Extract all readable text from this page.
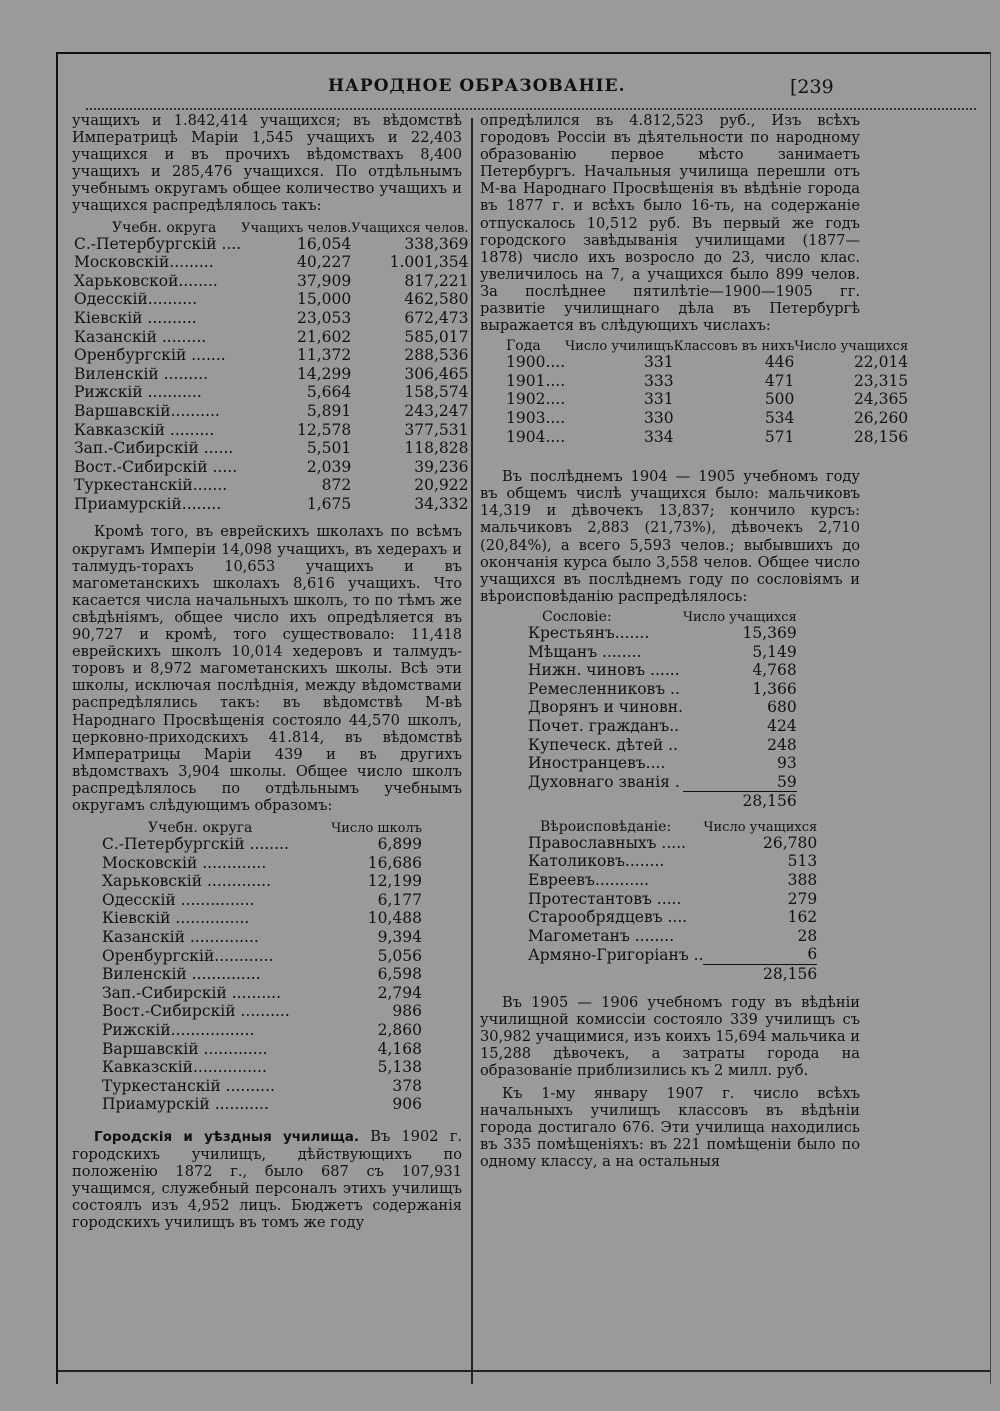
НАРОДНОЕ ОБРАЗОВАНІЕ.	[239

учащихъ и 1.842,414 учащихся; въ вѣдомствѣ Императрицѣ Маріи 1,545 учащихъ и 22,403 учащихся и въ прочихъ вѣдомствахъ 8,400 учащихъ и 285,476 учащихся. По отдѣльнымъ учебнымъ округамъ общее количество учащихъ и учащихся распредѣлялось такъ:

Учебн. округа	Учащихъ челов.	Учащихся челов.
С.-Петербургскій ....	16,054	338,369
Московскій.........	40,227	1.001,354
Харьковской........	37,909	817,221
Одесскій..........	15,000	462,580
Кіевскій ..........	23,053	672,473
Казанскій .........	21,602	585,017
Оренбургскій .......	11,372	288,536
Виленскій .........	14,299	306,465
Рижскій ...........	5,664	158,574
Варшавскій..........	5,891	243,247
Кавказскій .........	12,578	377,531
Зап.-Сибирскій ......	5,501	118,828
Вост.-Сибирскій .....	2,039	39,236
Туркестанскій.......	872	20,922
Приамурскій........	1,675	34,332

Кромѣ того, въ еврейскихъ школахъ по всѣмъ округамъ Имперіи 14,098 учащихъ, въ хедерахъ и талмудъ-торахъ 10,653 учащихъ и въ магометанскихъ школахъ 8,616 учащихъ. Что касается числа начальныхъ школъ, то по тѣмъ же свѣдѣніямъ, общее число ихъ опредѣляется въ 90,727 и кромѣ, того существовало: 11,418 еврейскихъ школъ 10,014 хедеровъ и талмудъ-торовъ и 8,972 магометанскихъ школы. Всѣ эти школы, исключая послѣднія, между вѣдомствами распредѣлялись такъ: въ вѣдомствѣ М-вѣ Народнаго Просвѣщенія состояло 44,570 школъ, церковно-приходскихъ 41.814, въ вѣдомствѣ Императрицы Маріи 439 и въ другихъ вѣдомствахъ 3,904 школы. Общее число школъ распредѣлялось по отдѣльнымъ учебнымъ округамъ слѣдующимъ образомъ:

Учебн. округа	Число школъ
С.-Петербургскій ........	6,899
Московскій .............	16,686
Харьковскій .............	12,199
Одесскій ...............	6,177
Кіевскій ...............	10,488
Казанскій ..............	9,394
Оренбургскій............	5,056
Виленскій ..............	6,598
Зап.-Сибирскій ..........	2,794
Вост.-Сибирскій ..........	986
Рижскій.................	2,860
Варшавскій .............	4,168
Кавказскій...............	5,138
Туркестанскій ..........	378
Приамурскій ...........	906

Городскія и уѣздныя училища. Въ 1902 г. городскихъ училищъ, дѣйствующихъ по положенію 1872 г., было 687 съ 107,931 учащимся, служебный персоналъ этихъ училищъ состоялъ изъ 4,952 лицъ. Бюджетъ содержанія городскихъ училищъ въ томъ же году

опредѣлился въ 4.812,523 руб., Изъ всѣхъ городовъ Россіи въ дѣятельности по народному образованію первое мѣсто занимаетъ Петербургъ. Начальныя училища перешли отъ М-ва Народнаго Просвѣщенія въ вѣдѣніе города въ 1877 г. и всѣхъ было 16-ть, на содержаніе отпускалось 10,512 руб. Въ первый же годъ городского завѣдыванія училищами (1877—1878) число ихъ возросло до 23, число клас. увеличилось на 7, а учащихся было 899 челов. За послѣднее пятилѣтіе—1900—1905 гг. развитіе училищнаго дѣла въ Петербургѣ выражается въ слѣдующихъ числахъ:

Года	Число училищъ	Классовъ въ нихъ	Число учащихся
1900....	331	446	22,014
1901....	333	471	23,315
1902....	331	500	24,365
1903....	330	534	26,260
1904....	334	571	28,156

Въ послѣднемъ 1904 — 1905 учебномъ году въ общемъ числѣ учащихся было: мальчиковъ 14,319 и дѣвочекъ 13,837; кончило курсъ: мальчиковъ 2,883 (21,73%), дѣвочекъ 2,710 (20,84%), а всего 5,593 челов.; выбывшихъ до окончанія курса было 3,558 челов. Общее число учащихся въ послѣднемъ году по сословіямъ и вѣроисповѣданію распредѣлялось:

Сословіе:	Число учащихся
Крестьянъ.......	15,369
Мѣщанъ ........	5,149
Нижн. чиновъ ......	4,768
Ремесленниковъ ..	1,366
Дворянъ и чиновн.	680
Почет. гражданъ..	424
Купеческ. дѣтей ..	248
Иностранцевъ....	93
Духовнаго званія .	59
	28,156
Вѣроисповѣданіе:	Число учащихся
Православныхъ .....	26,780
Католиковъ........	513
Евреевъ...........	388
Протестантовъ .....	279
Старообрядцевъ ....	162
Магометанъ ........	28
Армяно-Григоріанъ ..	6
	28,156

Въ 1905 — 1906 учебномъ году въ вѣдѣніи училищной комиссіи состояло 339 училищъ съ 30,982 учащимися, изъ коихъ 15,694 мальчика и 15,288 дѣвочекъ, а затраты города на образованіе приблизились къ 2 милл. руб.

Къ 1-му январу 1907 г. число всѣхъ начальныхъ училищъ классовъ въ вѣдѣніи города достигало 676. Эти училища находились въ 335 помѣщеніяхъ: въ 221 помѣщеніи было по одному классу, а на остальныя
